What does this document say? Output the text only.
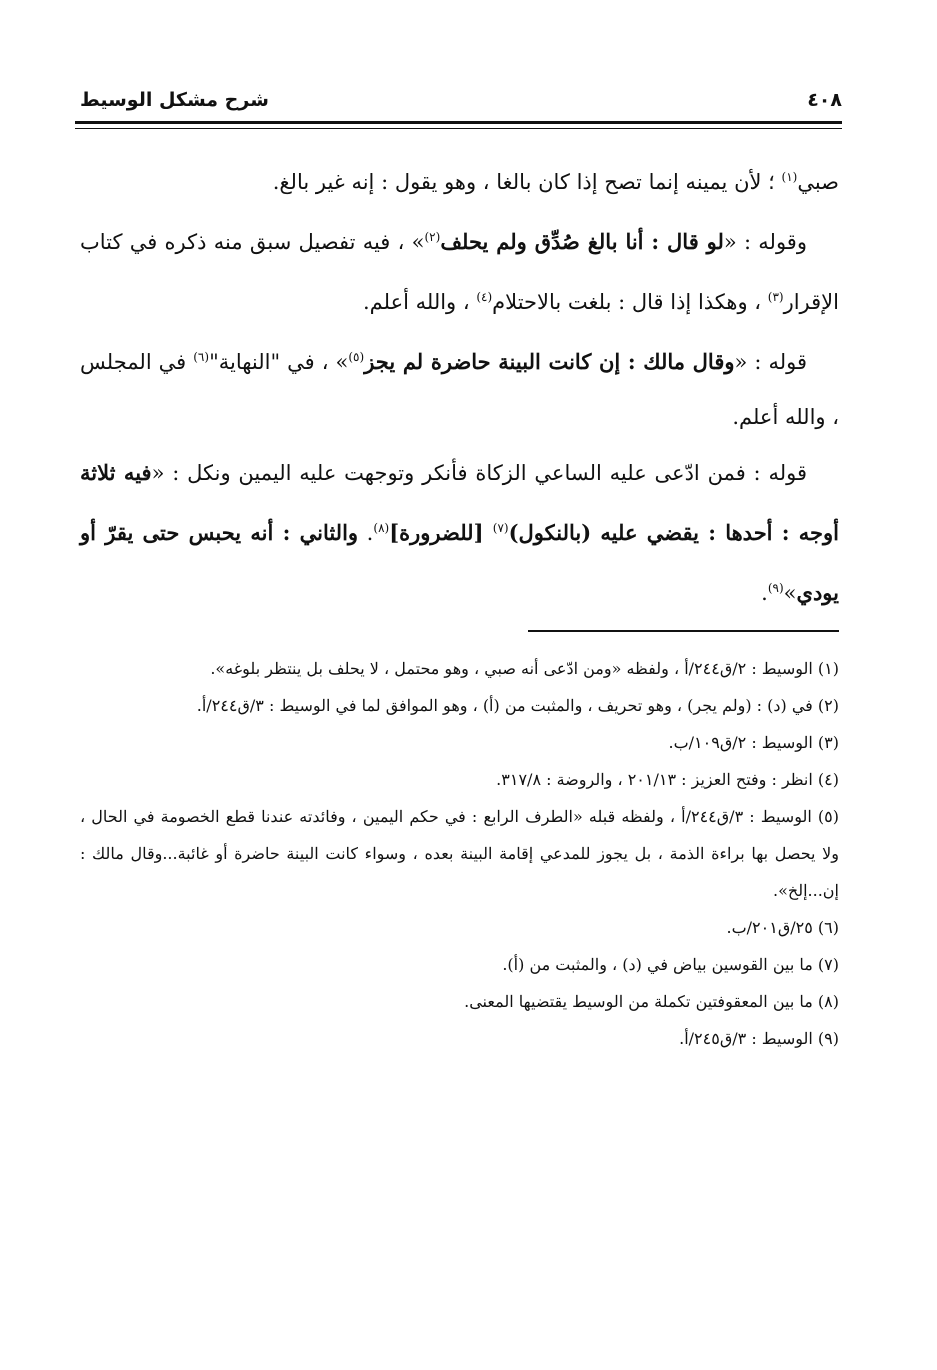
٤٠٨
شرح مشكل الوسيط

صبي$^{(١)}$ ؛ لأن يمينه إنما تصح إذا كان بالغا ، وهو يقول : إنه غير بالغ.

وقوله : «لو قال : أنا بالغ صُدِّق ولم يحلف$^{(٢)}$» ، فيه تفصيل سبق منه ذكره في كتاب الإقرار$^{(٣)}$ ، وهكذا إذا قال : بلغت بالاحتلام$^{(٤)}$ ، والله أعلم.

قوله : «وقال مالك : إن كانت البينة حاضرة لم يجز$^{(٥)}$» ، في "النهاية"$^{(٦)}$ في المجلس ، والله أعلم.

قوله : فمن ادّعى عليه الساعي الزكاة فأنكر وتوجهت عليه اليمين ونكل : «فيه ثلاثة أوجه : أحدها : يقضي عليه (بالنكول)$^{(٧)}$ [للضرورة]$^{(٨)}$. والثاني : أنه يحبس حتى يقرّ أو يودي»$^{(٩)}$.

(١) الوسيط : ٢/ق٢٤٤/أ ، ولفظه «ومن ادّعى أنه صبي ، وهو محتمل ، لا يحلف بل ينتظر بلوغه».

(٢) في (د) : (ولم يجر) ، وهو تحريف ، والمثبت من (أ) ، وهو الموافق لما في الوسيط : ٣/ق٢٤٤/أ.

(٣) الوسيط : ٢/ق١٠٩/ب.

(٤) انظر : وفتح العزيز : ٢٠١/١٣ ، والروضة : ٣١٧/٨.

(٥) الوسيط : ٣/ق٢٤٤/أ ، ولفظه قبله «الطرف الرابع : في حكم اليمين ، وفائدته عندنا قطع الخصومة في الحال ، ولا يحصل بها براءة الذمة ، بل يجوز للمدعي إقامة البينة بعده ، وسواء كانت البينة حاضرة أو غائبة...وقال مالك : إن...إلخ».

(٦) ٢٥/ق٢٠١/ب.

(٧) ما بين القوسين بياض في (د) ، والمثبت من (أ).

(٨) ما بين المعقوفتين تكملة من الوسيط يقتضيها المعنى.

(٩) الوسيط : ٣/ق٢٤٥/أ.
